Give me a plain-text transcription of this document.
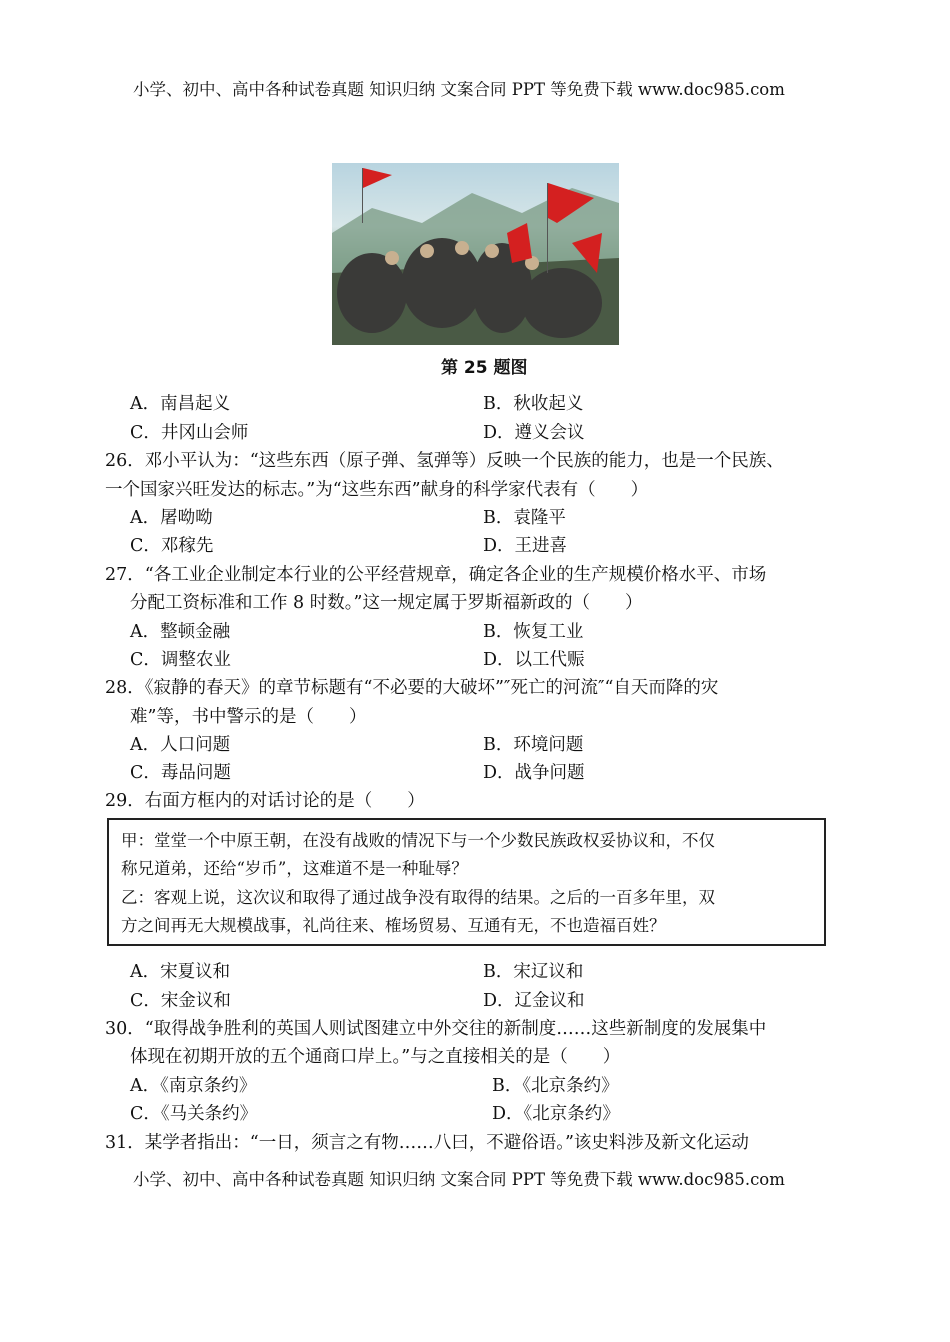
小学、初中、高中各种试卷真题 知识归纳 文案合同 PPT 等免费下载 www.doc985.com
第 25 题图
A．南昌起义	B．秋收起义
C．井冈山会师	D．遵义会议
26．邓小平认为：“这些东西（原子弹、氢弹等）反映一个民族的能力，也是一个民族、
一个国家兴旺发达的标志。”为“这些东西”献身的科学家代表有（　　）
A．屠呦呦	B．袁隆平
C．邓稼先	D．王进喜
27．“各工业企业制定本行业的公平经营规章，确定各企业的生产规模价格水平、市场
分配工资标准和工作 8 时数。”这一规定属于罗斯福新政的（　　）
A．整顿金融	B．恢复工业
C．调整农业	D．以工代赈
28．《寂静的春天》的章节标题有“不必要的大破坏”″死亡的河流″“自天而降的灾
难”等，书中警示的是（　　）
A．人口问题	B．环境问题
C．毒品问题	D．战争问题
29．右面方框内的对话讨论的是（　　）
甲：堂堂一个中原王朝，在没有战败的情况下与一个少数民族政权妥协议和，不仅
称兄道弟，还给“岁币”，这难道不是一种耻辱？
乙：客观上说，这次议和取得了通过战争没有取得的结果。之后的一百多年里，双
方之间再无大规模战事，礼尚往来、榷场贸易、互通有无，不也造福百姓？
A．宋夏议和	B．宋辽议和
C．宋金议和	D．辽金议和
30．“取得战争胜利的英国人则试图建立中外交往的新制度……这些新制度的发展集中
体现在初期开放的五个通商口岸上。”与之直接相关的是（　　）
A．《南京条约》	B．《北京条约》
C．《马关条约》	D．《北京条约》
31．某学者指出：“一日，须言之有物……八曰，不避俗语。”该史料涉及新文化运动
小学、初中、高中各种试卷真题 知识归纳 文案合同 PPT 等免费下载 www.doc985.com
